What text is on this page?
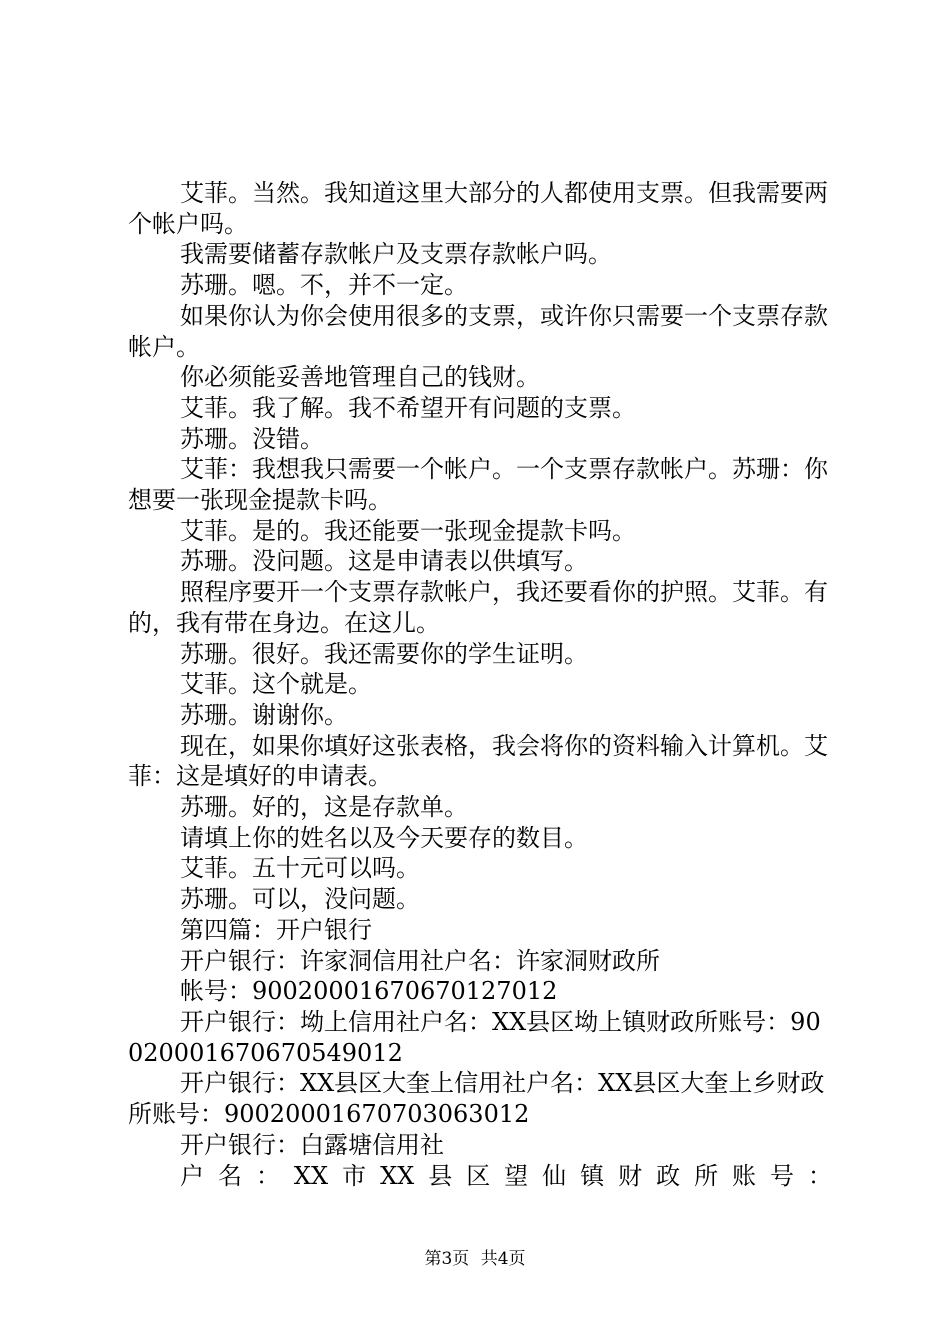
艾菲。当然。我知道这里大部分的人都使用支票。但我需要两个帐户吗。

我需要储蓄存款帐户及支票存款帐户吗。

苏珊。嗯。不，并不一定。

如果你认为你会使用很多的支票，或许你只需要一个支票存款帐户。

你必须能妥善地管理自己的钱财。

艾菲。我了解。我不希望开有问题的支票。

苏珊。没错。

艾菲：我想我只需要一个帐户。一个支票存款帐户。苏珊：你想要一张现金提款卡吗。

艾菲。是的。我还能要一张现金提款卡吗。

苏珊。没问题。这是申请表以供填写。

照程序要开一个支票存款帐户，我还要看你的护照。艾菲。有的，我有带在身边。在这儿。

苏珊。很好。我还需要你的学生证明。

艾菲。这个就是。

苏珊。谢谢你。

现在，如果你填好这张表格，我会将你的资料输入计算机。艾菲：这是填好的申请表。

苏珊。好的，这是存款单。

请填上你的姓名以及今天要存的数目。

艾菲。五十元可以吗。

苏珊。可以，没问题。

第四篇：开户银行

开户银行：许家洞信用社户名：许家洞财政所

帐号：90020001670670127012

开户银行：坳上信用社户名：XX县区坳上镇财政所账号：90020001670670549012

开户银行：XX县区大奎上信用社户名：XX县区大奎上乡财政所账号：90020001670703063012

开户银行：白露塘信用社

户名：XX市XX县区望仙镇财政所账号：

第3页 共4页
